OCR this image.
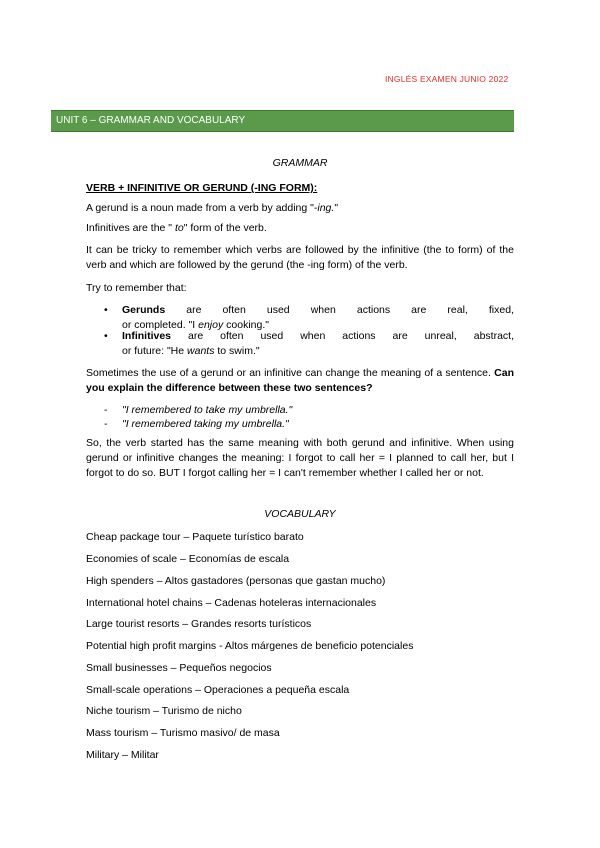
INGLÉS EXAMEN JUNIO 2022
UNIT 6 – GRAMMAR AND VOCABULARY
GRAMMAR
VERB + INFINITIVE OR GERUND (-ING FORM):
A gerund is a noun made from a verb by adding "-ing."
Infinitives are the " to" form of the verb.
It can be tricky to remember which verbs are followed by the infinitive (the to form) of the verb and which are followed by the gerund (the -ing form) of the verb.
Try to remember that:
• Gerunds are often used when actions are real, fixed,
or completed. "I enjoy cooking."
• Infinitives are often used when actions are unreal, abstract,
or future: "He wants to swim."
Sometimes the use of a gerund or an infinitive can change the meaning of a sentence. Can you explain the difference between these two sentences?
- "I remembered to take my umbrella."
- "I remembered taking my umbrella."
So, the verb started has the same meaning with both gerund and infinitive. When using gerund or infinitive changes the meaning: I forgot to call her = I planned to call her, but I forgot to do so. BUT I forgot calling her = I can't remember whether I called her or not.
VOCABULARY
Cheap package tour – Paquete turístico barato
Economies of scale – Economías de escala
High spenders – Altos gastadores (personas que gastan mucho)
International hotel chains – Cadenas hoteleras internacionales
Large tourist resorts – Grandes resorts turísticos
Potential high profit margins - Altos márgenes de beneficio potenciales
Small businesses – Pequeños negocios
Small-scale operations – Operaciones a pequeña escala
Niche tourism – Turismo de nicho
Mass tourism – Turismo masivo/ de masa
Military – Militar
